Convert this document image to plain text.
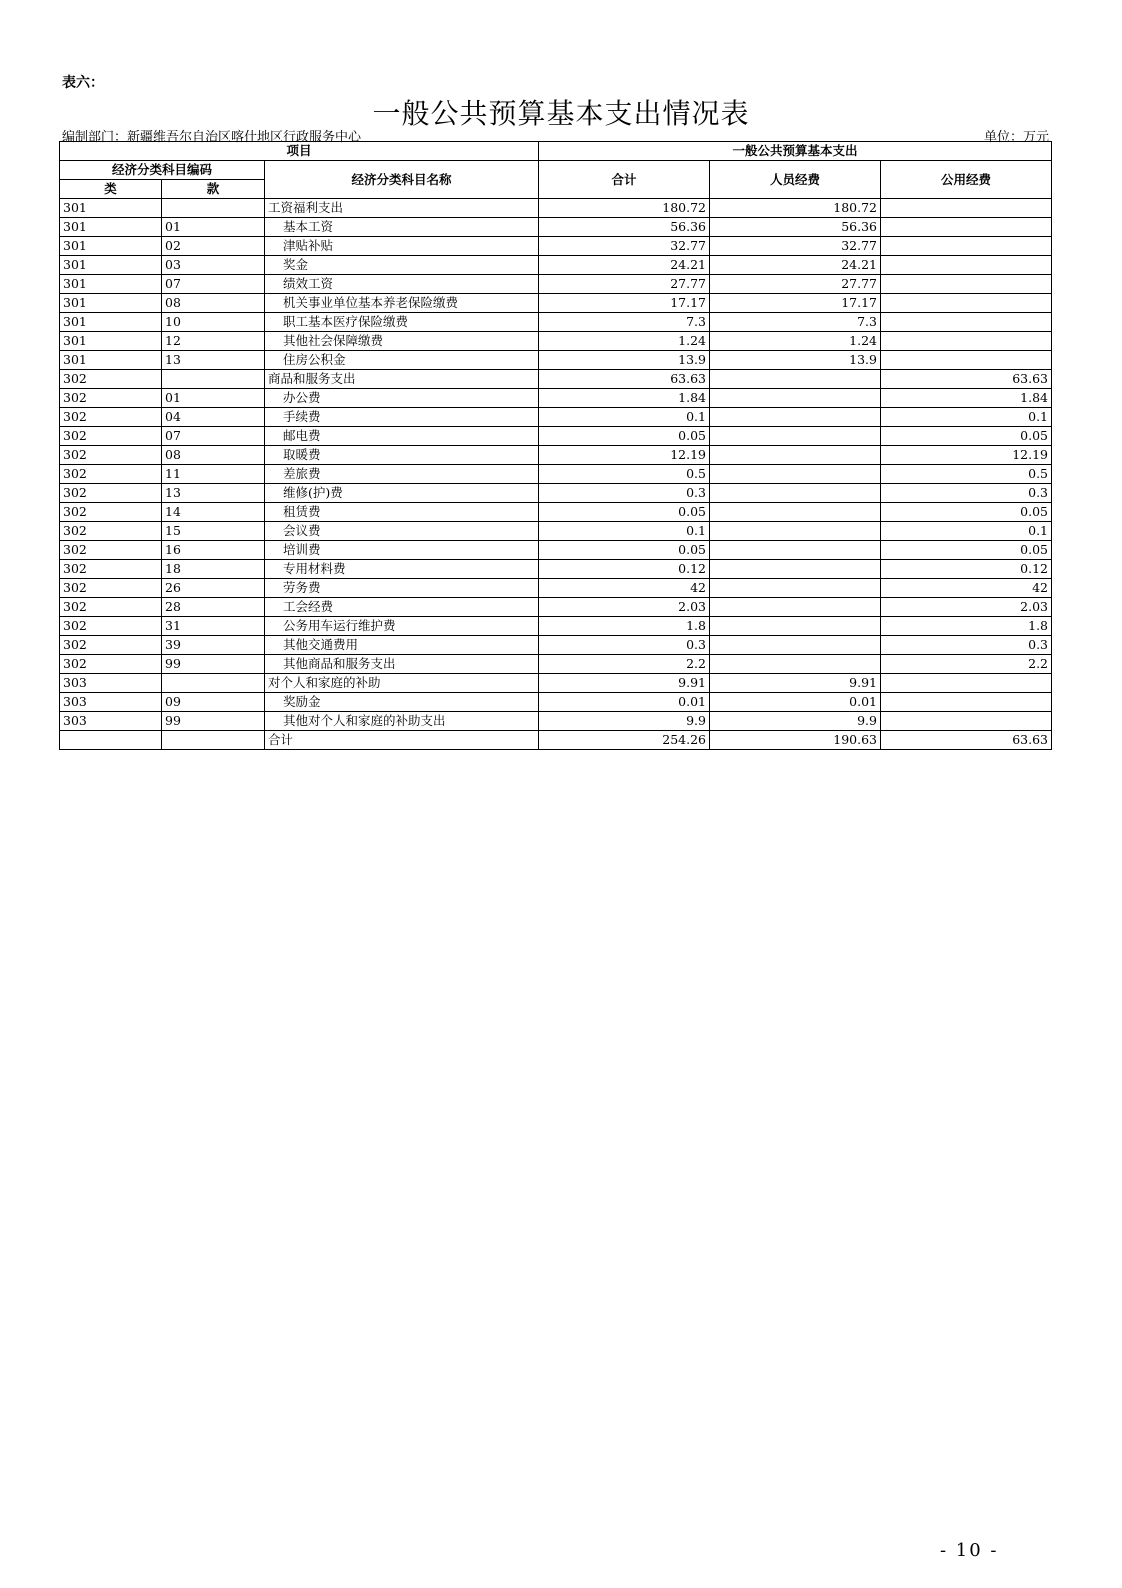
表六：
一般公共预算基本支出情况表
编制部门：新疆维吾尔自治区喀什地区行政服务中心	单位：万元
项目			一般公共预算基本支出		
经济分类科目编码		经济分类科目名称	合计	人员经费	公用经费
类	款				
301		工资福利支出	180.72	180.72	
301	01	基本工资	56.36	56.36	
301	02	津贴补贴	32.77	32.77	
301	03	奖金	24.21	24.21	
301	07	绩效工资	27.77	27.77	
301	08	机关事业单位基本养老保险缴费	17.17	17.17	
301	10	职工基本医疗保险缴费	7.3	7.3	
301	12	其他社会保障缴费	1.24	1.24	
301	13	住房公积金	13.9	13.9	
302		商品和服务支出	63.63		63.63
302	01	办公费	1.84		1.84
302	04	手续费	0.1		0.1
302	07	邮电费	0.05		0.05
302	08	取暖费	12.19		12.19
302	11	差旅费	0.5		0.5
302	13	维修(护)费	0.3		0.3
302	14	租赁费	0.05		0.05
302	15	会议费	0.1		0.1
302	16	培训费	0.05		0.05
302	18	专用材料费	0.12		0.12
302	26	劳务费	42		42
302	28	工会经费	2.03		2.03
302	31	公务用车运行维护费	1.8		1.8
302	39	其他交通费用	0.3		0.3
302	99	其他商品和服务支出	2.2		2.2
303		对个人和家庭的补助	9.91	9.91	
303	09	奖励金	0.01	0.01	
303	99	其他对个人和家庭的补助支出	9.9	9.9	
		合计	254.26	190.63	63.63
- 10 -
